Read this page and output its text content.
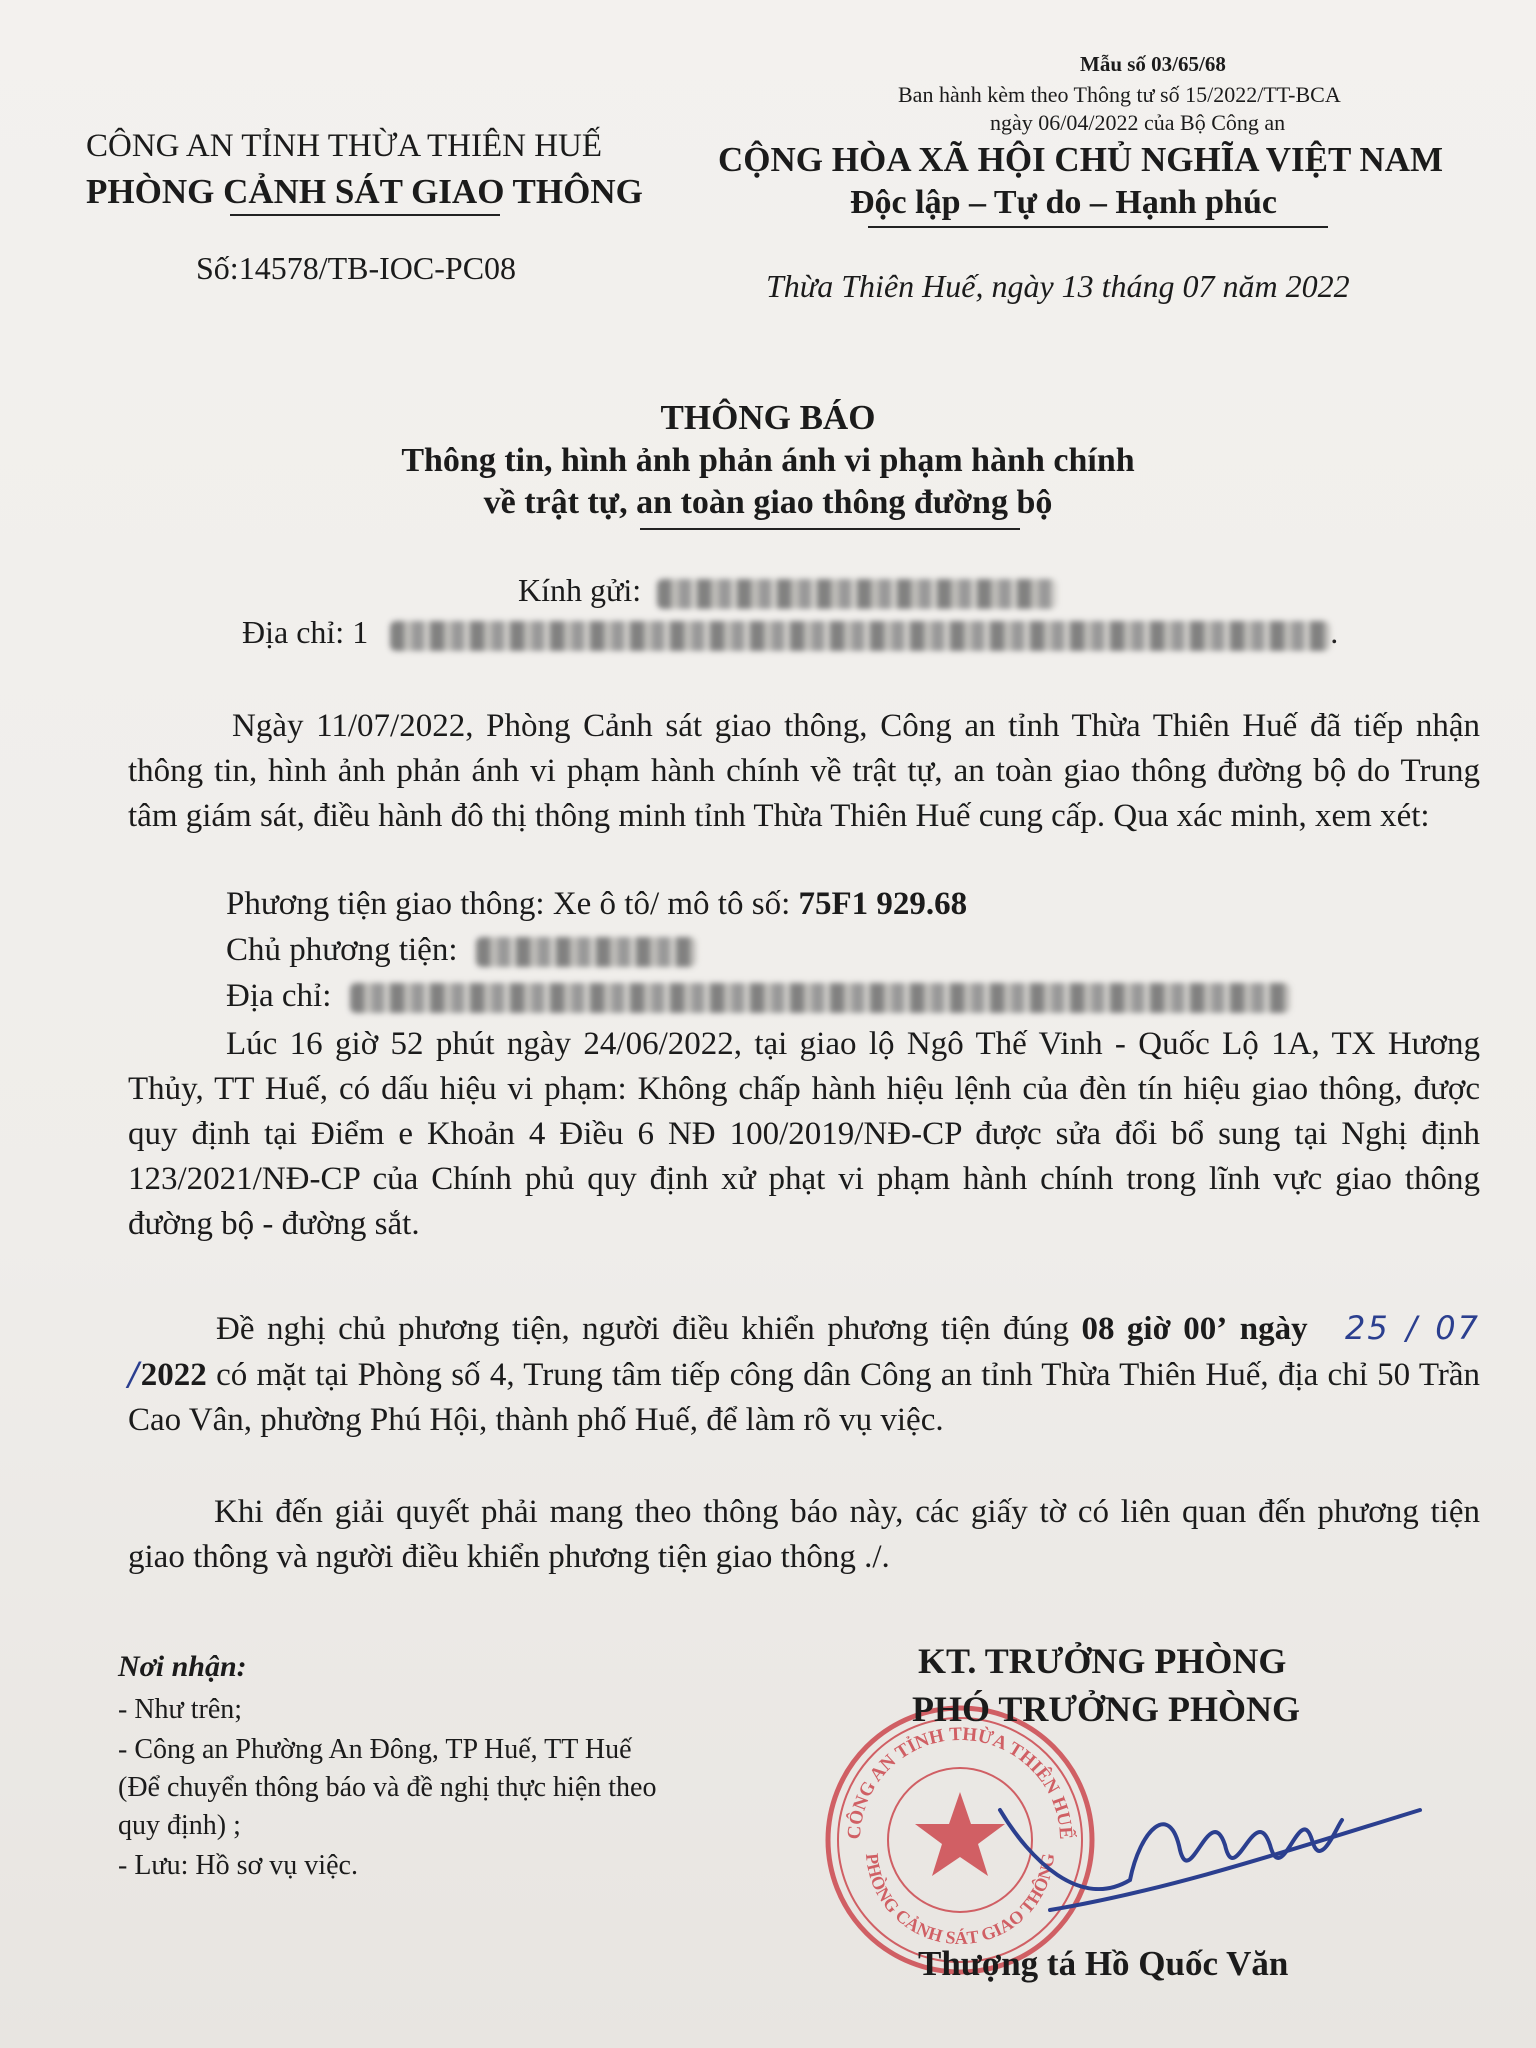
Mẫu số 03/65/68
Ban hành kèm theo Thông tư số 15/2022/TT-BCA
ngày 06/04/2022 của Bộ Công an
CÔNG AN TỈNH THỪA THIÊN HUẾ
PHÒNG CẢNH SÁT GIAO THÔNG
CỘNG HÒA XÃ HỘI CHỦ NGHĨA VIỆT NAM
Độc lập – Tự do – Hạnh phúc
Số:14578/TB-IOC-PC08	Thừa Thiên Huế, ngày 13 tháng 07 năm 2022
THÔNG BÁO
Thông tin, hình ảnh phản ánh vi phạm hành chính
về trật tự, an toàn giao thông đường bộ
Kính gửi:
Địa chỉ: 1	.
Ngày 11/07/2022, Phòng Cảnh sát giao thông, Công an tỉnh Thừa Thiên Huế đã tiếp nhận thông tin, hình ảnh phản ánh vi phạm hành chính về trật tự, an toàn giao thông đường bộ do Trung tâm giám sát, điều hành đô thị thông minh tỉnh Thừa Thiên Huế cung cấp. Qua xác minh, xem xét:
Phương tiện giao thông: Xe ô tô/ mô tô số: 75F1 929.68
Chủ phương tiện:
Địa chỉ:
Lúc 16 giờ 52 phút ngày 24/06/2022, tại giao lộ Ngô Thế Vinh - Quốc Lộ 1A, TX Hương Thủy, TT Huế, có dấu hiệu vi phạm: Không chấp hành hiệu lệnh của đèn tín hiệu giao thông, được quy định tại Điểm e Khoản 4 Điều 6 NĐ 100/2019/NĐ-CP được sửa đổi bổ sung tại Nghị định 123/2021/NĐ-CP của Chính phủ quy định xử phạt vi phạm hành chính trong lĩnh vực giao thông đường bộ - đường sắt.
Đề nghị chủ phương tiện, người điều khiển phương tiện đúng 08 giờ 00’ ngày 25 / 07 /2022 có mặt tại Phòng số 4, Trung tâm tiếp công dân Công an tỉnh Thừa Thiên Huế, địa chỉ 50 Trần Cao Vân, phường Phú Hội, thành phố Huế, để làm rõ vụ việc.
Khi đến giải quyết phải mang theo thông báo này, các giấy tờ có liên quan đến phương tiện giao thông và người điều khiển phương tiện giao thông ./.
Nơi nhận:
- Như trên;
- Công an Phường An Đông, TP Huế, TT Huế
(Để chuyển thông báo và đề nghị thực hiện theo
quy định) ;
- Lưu: Hồ sơ vụ việc.
CÔNG AN TỈNH THỪA THIÊN HUẾ
PHÒNG CẢNH SÁT GIAO THÔNG
KT. TRƯỞNG PHÒNG
PHÓ TRƯỞNG PHÒNG
Thượng tá Hồ Quốc Văn
